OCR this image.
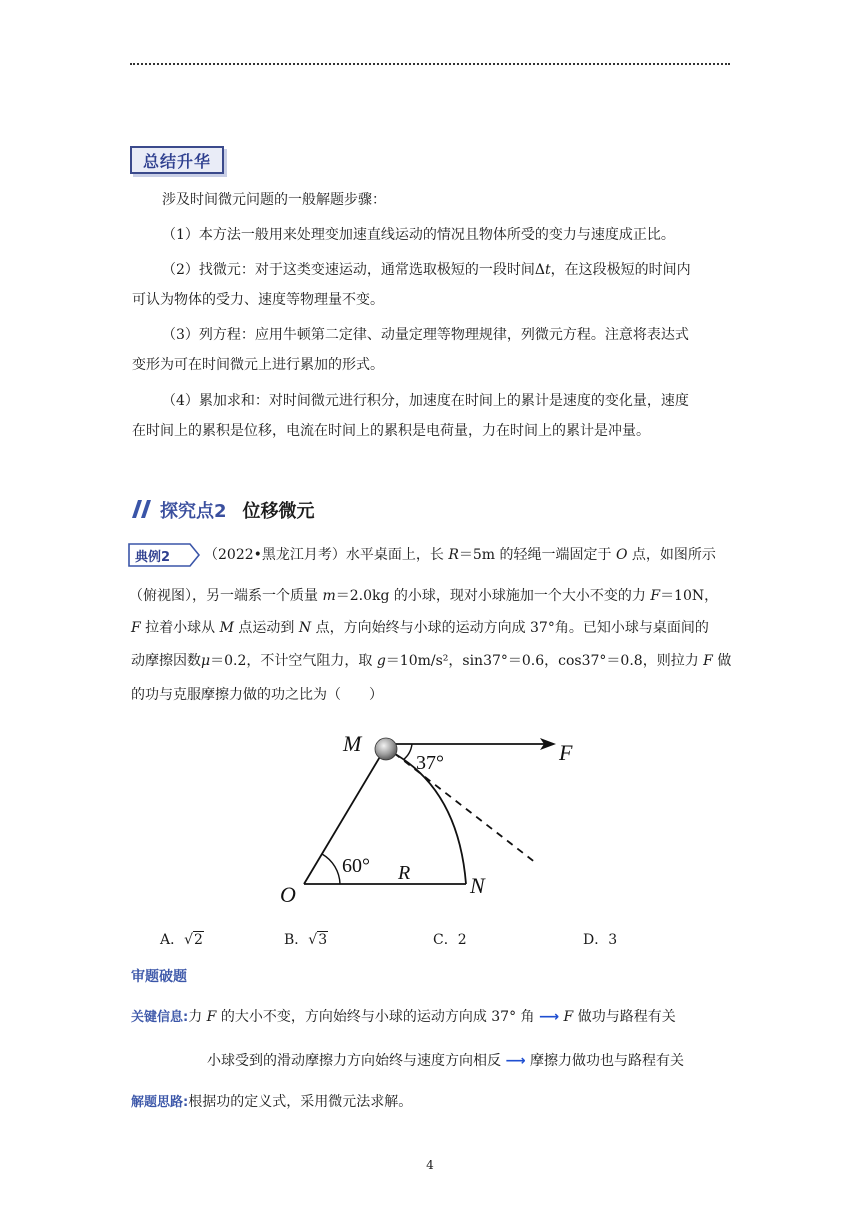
总结升华
涉及时间微元问题的一般解题步骤：
（1）本方法一般用来处理变加速直线运动的情况且物体所受的变力与速度成正比。
（2）找微元：对于这类变速运动，通常选取极短的一段时间Δt，在这段极短的时间内
可认为物体的受力、速度等物理量不变。
（3）列方程：应用牛顿第二定律、动量定理等物理规律，列微元方程。注意将表达式
变形为可在时间微元上进行累加的形式。
（4）累加求和：对时间微元进行积分，加速度在时间上的累计是速度的变化量，速度
在时间上的累积是位移，电流在时间上的累积是电荷量，力在时间上的累计是冲量。
探究点2 位移微元
典例2 （2022•黑龙江月考）水平桌面上，长 R＝5m 的轻绳一端固定于 O 点，如图所示
（俯视图），另一端系一个质量 m＝2.0kg 的小球，现对小球施加一个大小不变的力 F＝10N，
F 拉着小球从 M 点运动到 N 点，方向始终与小球的运动方向成 37°角。已知小球与桌面间的
动摩擦因数μ＝0.2，不计空气阻力，取 g＝10m/s²，sin37°＝0.6，cos37°＝0.8，则拉力 F 做
的功与克服摩擦力做的功之比为（　　）
M
37°	F
60° R
O	N
A．√2	B．√3	C．2	D．3
审题破题
关键信息:力 F 的大小不变，方向始终与小球的运动方向成 37° 角 ⟶ F 做功与路程有关
小球受到的滑动摩擦力方向始终与速度方向相反 ⟶ 摩擦力做功也与路程有关
解题思路:根据功的定义式，采用微元法求解。
4
